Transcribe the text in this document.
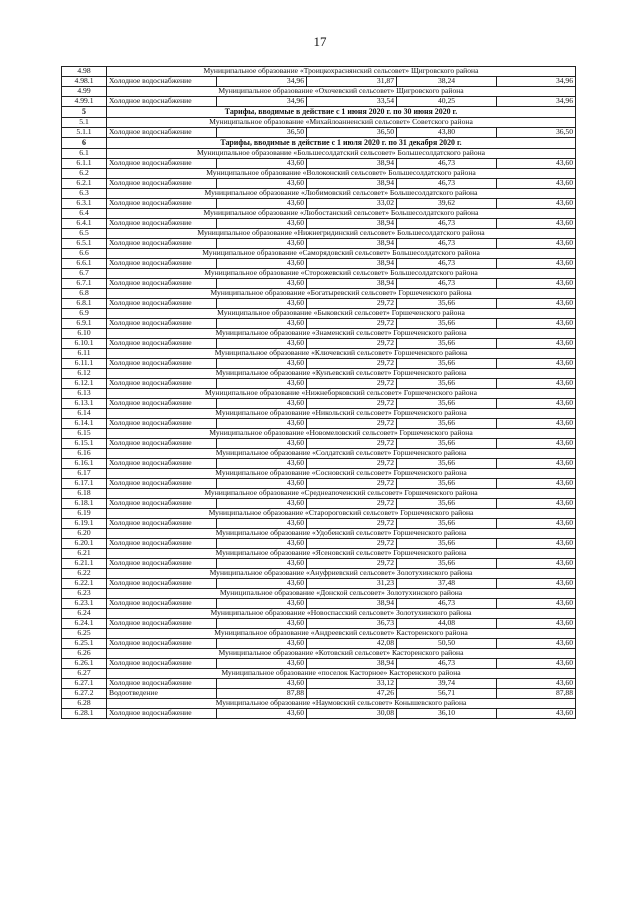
17
4.98	Муниципальное образование «Троицкохраснянский сельсовет» Щигровского района				
4.98.1	Холодное водоснабжение	34,96	31,87	38,24	34,96
4.99	Муниципальное образование «Охочевский сельсовет» Щигровского района				
4.99.1	Холодное водоснабжение	34,96	33,54	40,25	34,96
5	Тарифы, вводимые в действие с 1 июня 2020 г. по 30 июня 2020 г.				
5.1	Муниципальное образование «Михайлоанненский сельсовет» Советского района				
5.1.1	Холодное водоснабжение	36,50	36,50	43,80	36,50
6	Тарифы, вводимые в действие с 1 июля 2020 г. по 31 декабря 2020 г.				
6.1	Муниципальное образование «Большесолдатский сельсовет» Большесолдатского района				
6.1.1	Холодное водоснабжение	43,60	38,94	46,73	43,60
6.2	Муниципальное образование «Волоконский сельсовет» Большесолдатского района				
6.2.1	Холодное водоснабжение	43,60	38,94	46,73	43,60
6.3	Муниципальное образование «Любимовский сельсовет» Большесолдатского района				
6.3.1	Холодное водоснабжение	43,60	33,02	39,62	43,60
6.4	Муниципальное образование «Любостанский сельсовет» Большесолдатского района				
6.4.1	Холодное водоснабжение	43,60	38,94	46,73	43,60
6.5	Муниципальное образование «Нижнегридинский сельсовет» Большесолдатского района				
6.5.1	Холодное водоснабжение	43,60	38,94	46,73	43,60
6.6	Муниципальное образование «Саморядовский сельсовет» Большесолдатского района				
6.6.1	Холодное водоснабжение	43,60	38,94	46,73	43,60
6.7	Муниципальное образование «Сторожевский сельсовет» Большесолдатского района				
6.7.1	Холодное водоснабжение	43,60	38,94	46,73	43,60
6.8	Муниципальное образование «Богатыревский сельсовет» Горшеченского района				
6.8.1	Холодное водоснабжение	43,60	29,72	35,66	43,60
6.9	Муниципальное образование «Быковский сельсовет» Горшеченского района				
6.9.1	Холодное водоснабжение	43,60	29,72	35,66	43,60
6.10	Муниципальное образование «Знаменский сельсовет» Горшеченского района				
6.10.1	Холодное водоснабжение	43,60	29,72	35,66	43,60
6.11	Муниципальное образование «Ключевский сельсовет» Горшеченского района				
6.11.1	Холодное водоснабжение	43,60	29,72	35,66	43,60
6.12	Муниципальное образование «Кунъевский сельсовет» Горшеченского района				
6.12.1	Холодное водоснабжение	43,60	29,72	35,66	43,60
6.13	Муниципальное образование «Нижнеборковский сельсовет» Горшеченского района				
6.13.1	Холодное водоснабжение	43,60	29,72	35,66	43,60
6.14	Муниципальное образование «Никольский сельсовет» Горшеченского района				
6.14.1	Холодное водоснабжение	43,60	29,72	35,66	43,60
6.15	Муниципальное образование «Новомеловский сельсовет» Горшеченского района				
6.15.1	Холодное водоснабжение	43,60	29,72	35,66	43,60
6.16	Муниципальное образование «Солдатский сельсовет» Горшеченского района				
6.16.1	Холодное водоснабжение	43,60	29,72	35,66	43,60
6.17	Муниципальное образование «Сосновский сельсовет» Горшеченского района				
6.17.1	Холодное водоснабжение	43,60	29,72	35,66	43,60
6.18	Муниципальное образование «Среднеапоченский сельсовет» Горшеченского района				
6.18.1	Холодное водоснабжение	43,60	29,72	35,66	43,60
6.19	Муниципальное образование «Старороговский сельсовет» Горшеченского района				
6.19.1	Холодное водоснабжение	43,60	29,72	35,66	43,60
6.20	Муниципальное образование «Удобенский сельсовет» Горшеченского района				
6.20.1	Холодное водоснабжение	43,60	29,72	35,66	43,60
6.21	Муниципальное образование «Ясеновский сельсовет» Горшеченского района				
6.21.1	Холодное водоснабжение	43,60	29,72	35,66	43,60
6.22	Муниципальное образование «Ануфриевский сельсовет» Золотухинского района				
6.22.1	Холодное водоснабжение	43,60	31,23	37,48	43,60
6.23	Муниципальное образование «Донской сельсовет» Золотухинского района				
6.23.1	Холодное водоснабжение	43,60	38,94	46,73	43,60
6.24	Муниципальное образование «Новоспасский сельсовет» Золотухинского района				
6.24.1	Холодное водоснабжение	43,60	36,73	44,08	43,60
6.25	Муниципальное образование «Андреевский сельсовет» Касторенского района				
6.25.1	Холодное водоснабжение	43,60	42,08	50,50	43,60
6.26	Муниципальное образование «Котовский сельсовет» Касторенского района				
6.26.1	Холодное водоснабжение	43,60	38,94	46,73	43,60
6.27	Муниципальное образование «поселок Касторное» Касторенского района				
6.27.1	Холодное водоснабжение	43,60	33,12	39,74	43,60
6.27.2	Водоотведение	87,88	47,26	56,71	87,88
6.28	Муниципальное образование «Наумовский сельсовет» Конышевского района				
6.28.1	Холодное водоснабжение	43,60	30,08	36,10	43,60
